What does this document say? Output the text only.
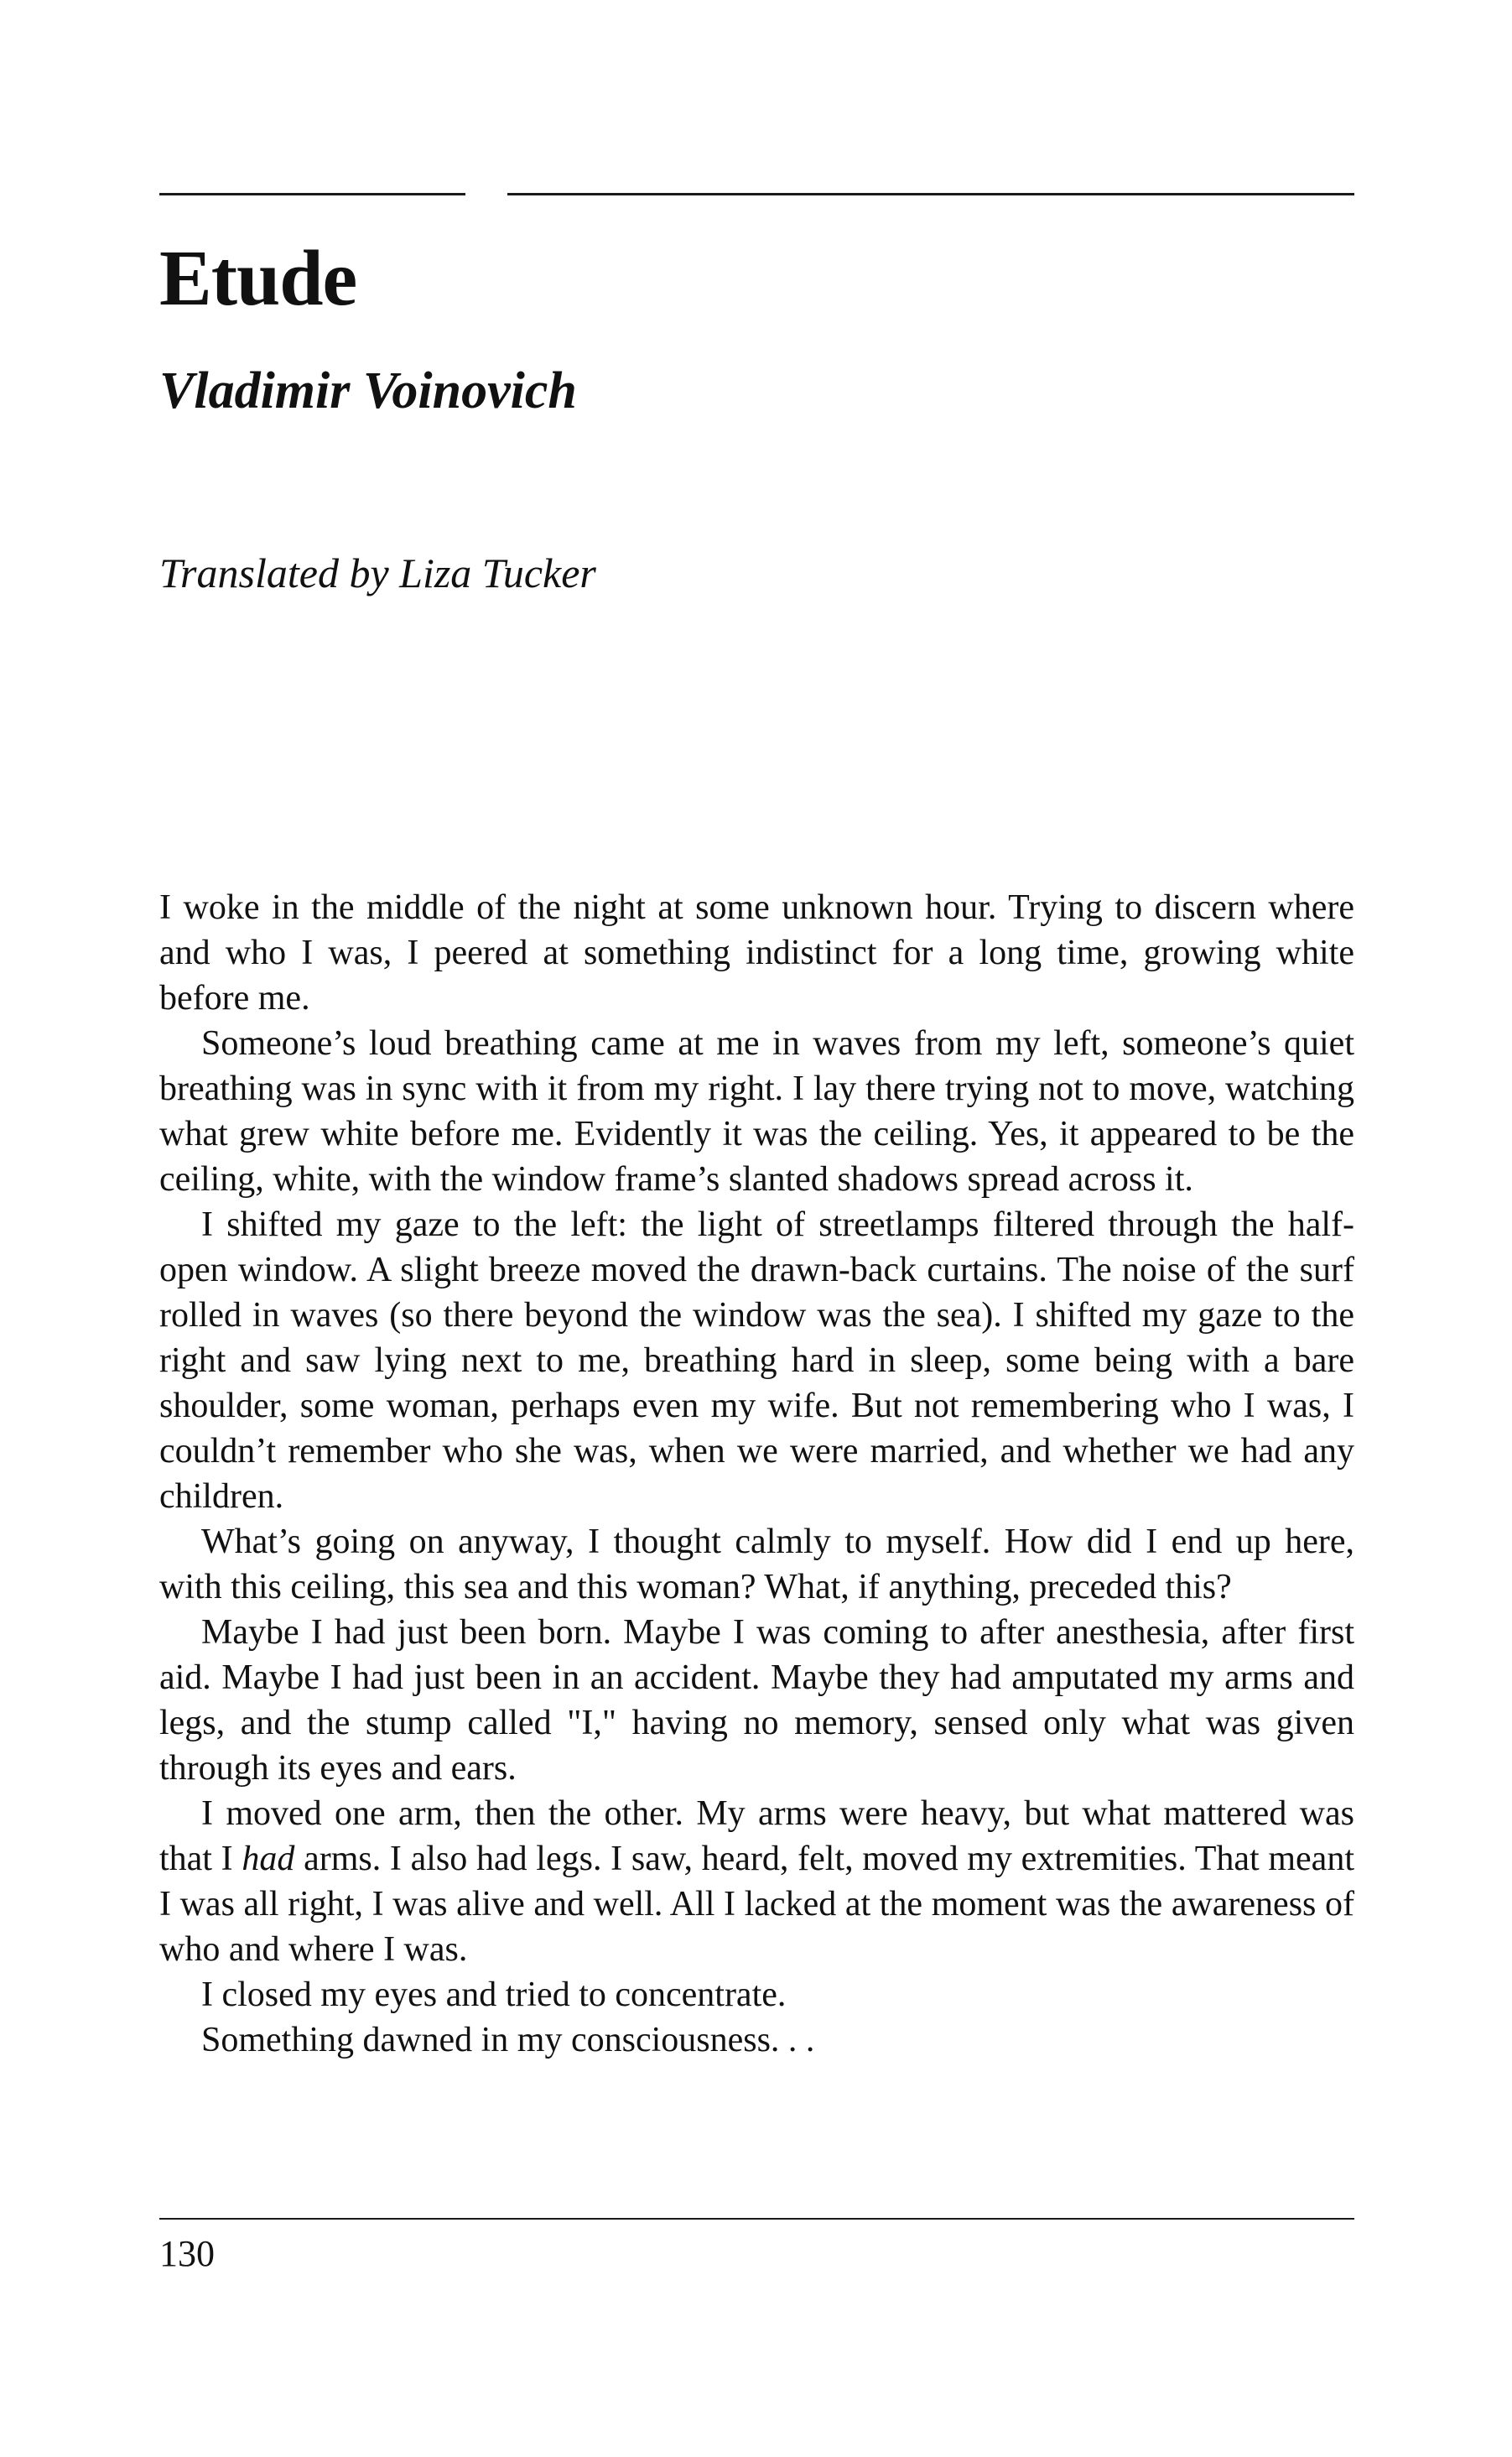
Etude
Vladimir Voinovich
Translated by Liza Tucker

I woke in the middle of the night at some unknown hour. Trying to discern where and who I was, I peered at something indistinct for a long time, growing white before me.

Someone’s loud breathing came at me in waves from my left, someone’s quiet breathing was in sync with it from my right. I lay there trying not to move, watching what grew white before me. Evidently it was the ceiling. Yes, it appeared to be the ceiling, white, with the window frame’s slanted shadows spread across it.

I shifted my gaze to the left: the light of streetlamps filtered through the half-open window. A slight breeze moved the drawn-back curtains. The noise of the surf rolled in waves (so there beyond the window was the sea). I shifted my gaze to the right and saw lying next to me, breathing hard in sleep, some being with a bare shoulder, some woman, perhaps even my wife. But not remembering who I was, I couldn’t remember who she was, when we were married, and whether we had any children.

What’s going on anyway, I thought calmly to myself. How did I end up here, with this ceiling, this sea and this woman? What, if anything, preceded this?

Maybe I had just been born. Maybe I was coming to after anesthesia, after first aid. Maybe I had just been in an accident. Maybe they had amputated my arms and legs, and the stump called "I," having no memory, sensed only what was given through its eyes and ears.

I moved one arm, then the other. My arms were heavy, but what mattered was that I had arms. I also had legs. I saw, heard, felt, moved my extremities. That meant I was all right, I was alive and well. All I lacked at the moment was the awareness of who and where I was.

I closed my eyes and tried to concentrate.

Something dawned in my consciousness. . .

130
